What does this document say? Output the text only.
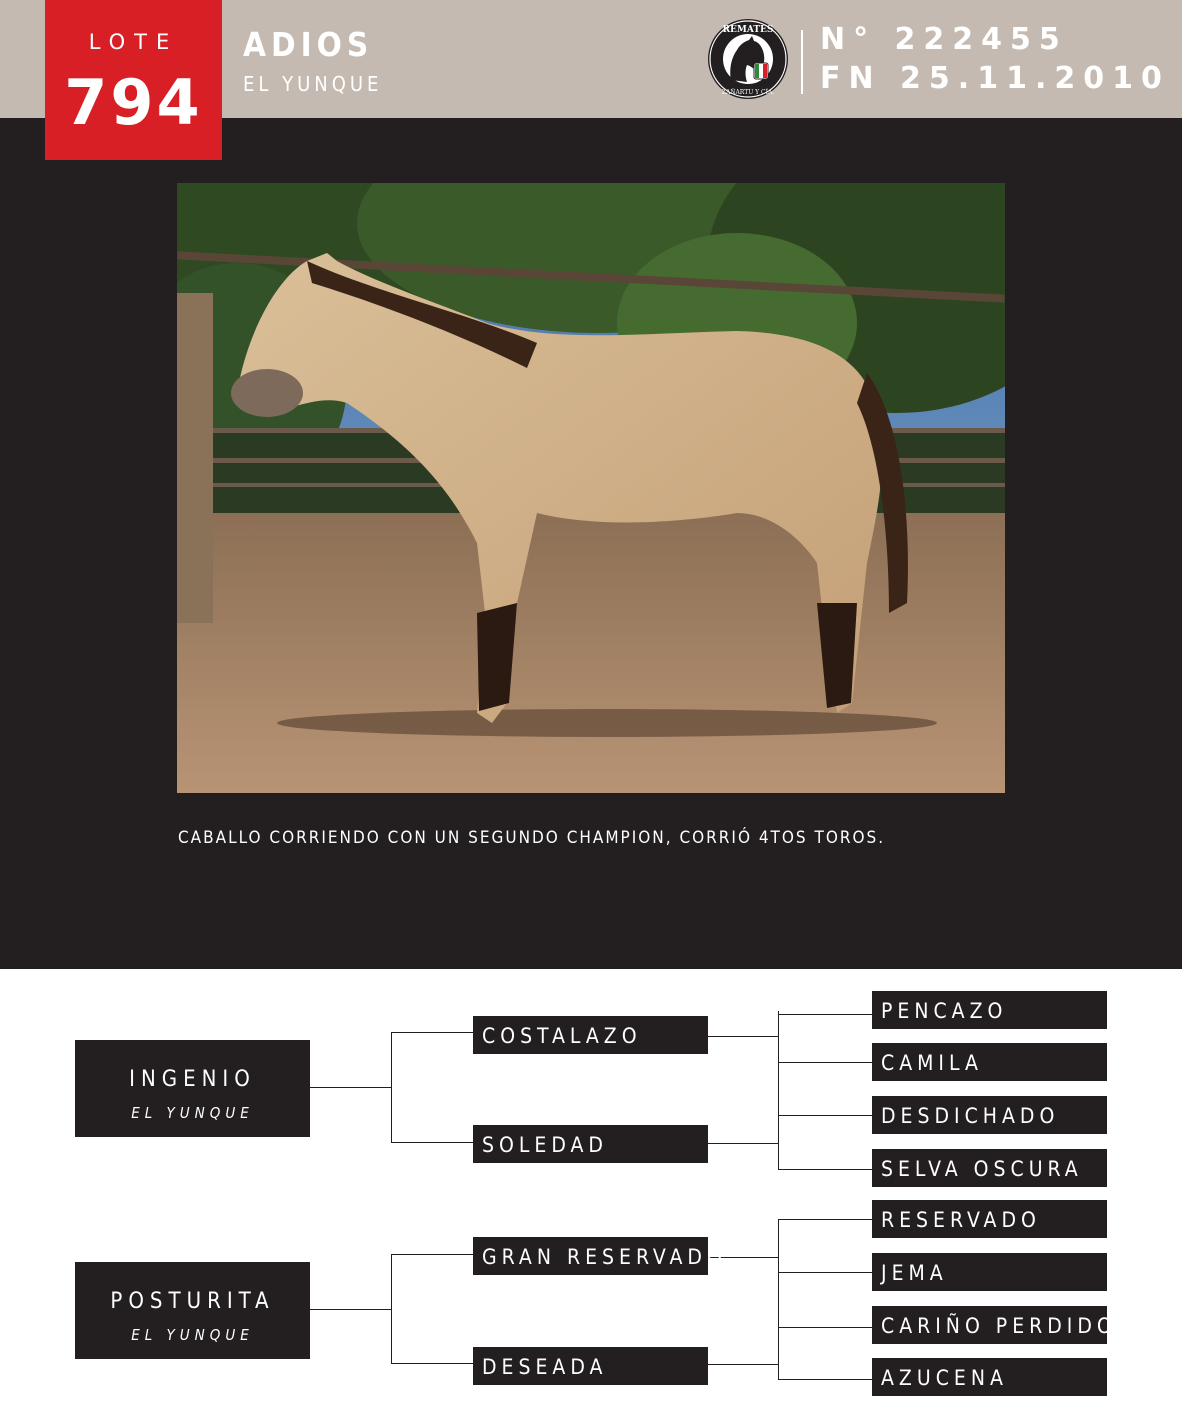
LOTE
794
ADIOS
EL YUNQUE
REMATES
ZAÑARTU Y CÍA.
N° 222455
FN 25.11.2010
CABALLO CORRIENDO CON UN SEGUNDO CHAMPION, CORRIÓ 4TOS TOROS.
INGENIO
EL YUNQUE
POSTURITA
EL YUNQUE
COSTALAZO
SOLEDAD
GRAN RESERVADO
DESEADA
PENCAZO
CAMILA
DESDICHADO
SELVA OSCURA
RESERVADO
JEMA
CARIÑO PERDIDO
AZUCENA
